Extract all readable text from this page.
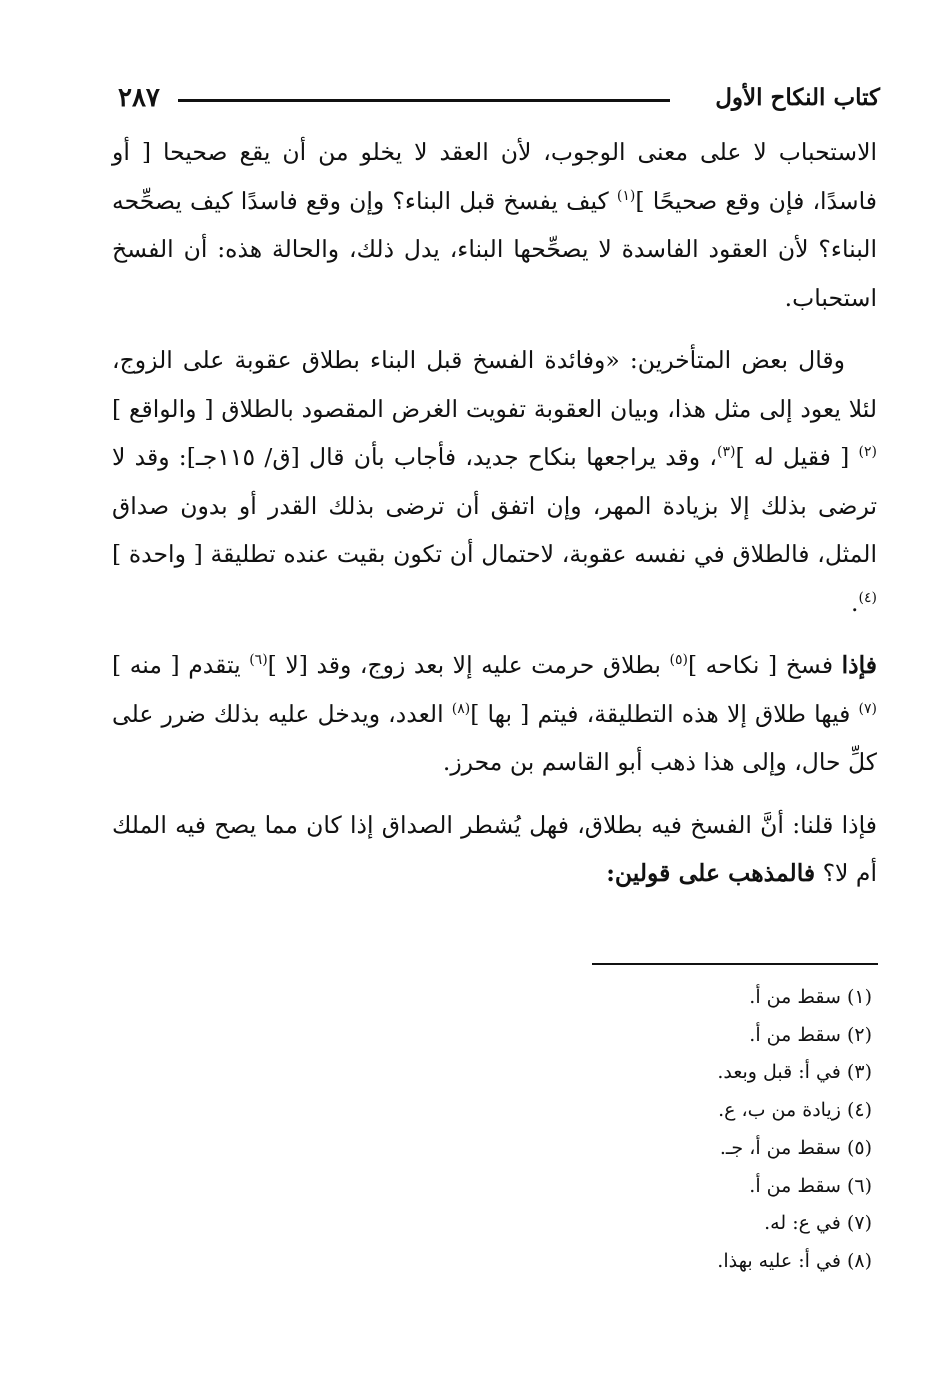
٢٨٧	كتاب النكاح الأول

الاستحباب لا على معنى الوجوب، لأن العقد لا يخلو من أن يقع صحيحا [ أو فاسدًا، فإن وقع صحيحًا ]$^{(١)}$ كيف يفسخ قبل البناء؟ وإن وقع فاسدًا كيف يصحِّحه البناء؟ لأن العقود الفاسدة لا يصحِّحها البناء، يدل ذلك، والحالة هذه: أن الفسخ استحباب.

وقال بعض المتأخرين: «وفائدة الفسخ قبل البناء بطلاق عقوبة على الزوج، لئلا يعود إلى مثل هذا، وبيان العقوبة تفويت الغرض المقصود بالطلاق [ والواقع ]$^{(٢)}$ [ فقيل له ]$^{(٣)}$، وقد يراجعها بنكاح جديد، فأجاب بأن قال [ق/ ١١٥جـ]: وقد لا ترضى بذلك إلا بزيادة المهر، وإن اتفق أن ترضى بذلك القدر أو بدون صداق المثل، فالطلاق في نفسه عقوبة، لاحتمال أن تكون بقيت عنده تطليقة [ واحدة ]$^{(٤)}$.

فإذا فسخ [ نكاحه ]$^{(٥)}$ بطلاق حرمت عليه إلا بعد زوج، وقد [لا ]$^{(٦)}$ يتقدم [ منه ]$^{(٧)}$ فيها طلاق إلا هذه التطليقة، فيتم [ بها ]$^{(٨)}$ العدد، ويدخل عليه بذلك ضرر على كلِّ حال، وإلى هذا ذهب أبو القاسم بن محرز.

فإذا قلنا: أنَّ الفسخ فيه بطلاق، فهل يُشطر الصداق إذا كان مما يصح فيه الملك أم لا؟ فالمذهب على قولين:

(١) سقط من أ.
(٢) سقط من أ.
(٣) في أ: قبل وبعد.
(٤) زيادة من ب، ع.
(٥) سقط من أ، جـ.
(٦) سقط من أ.
(٧) في ع: له.
(٨) في أ: عليه بهذا.
